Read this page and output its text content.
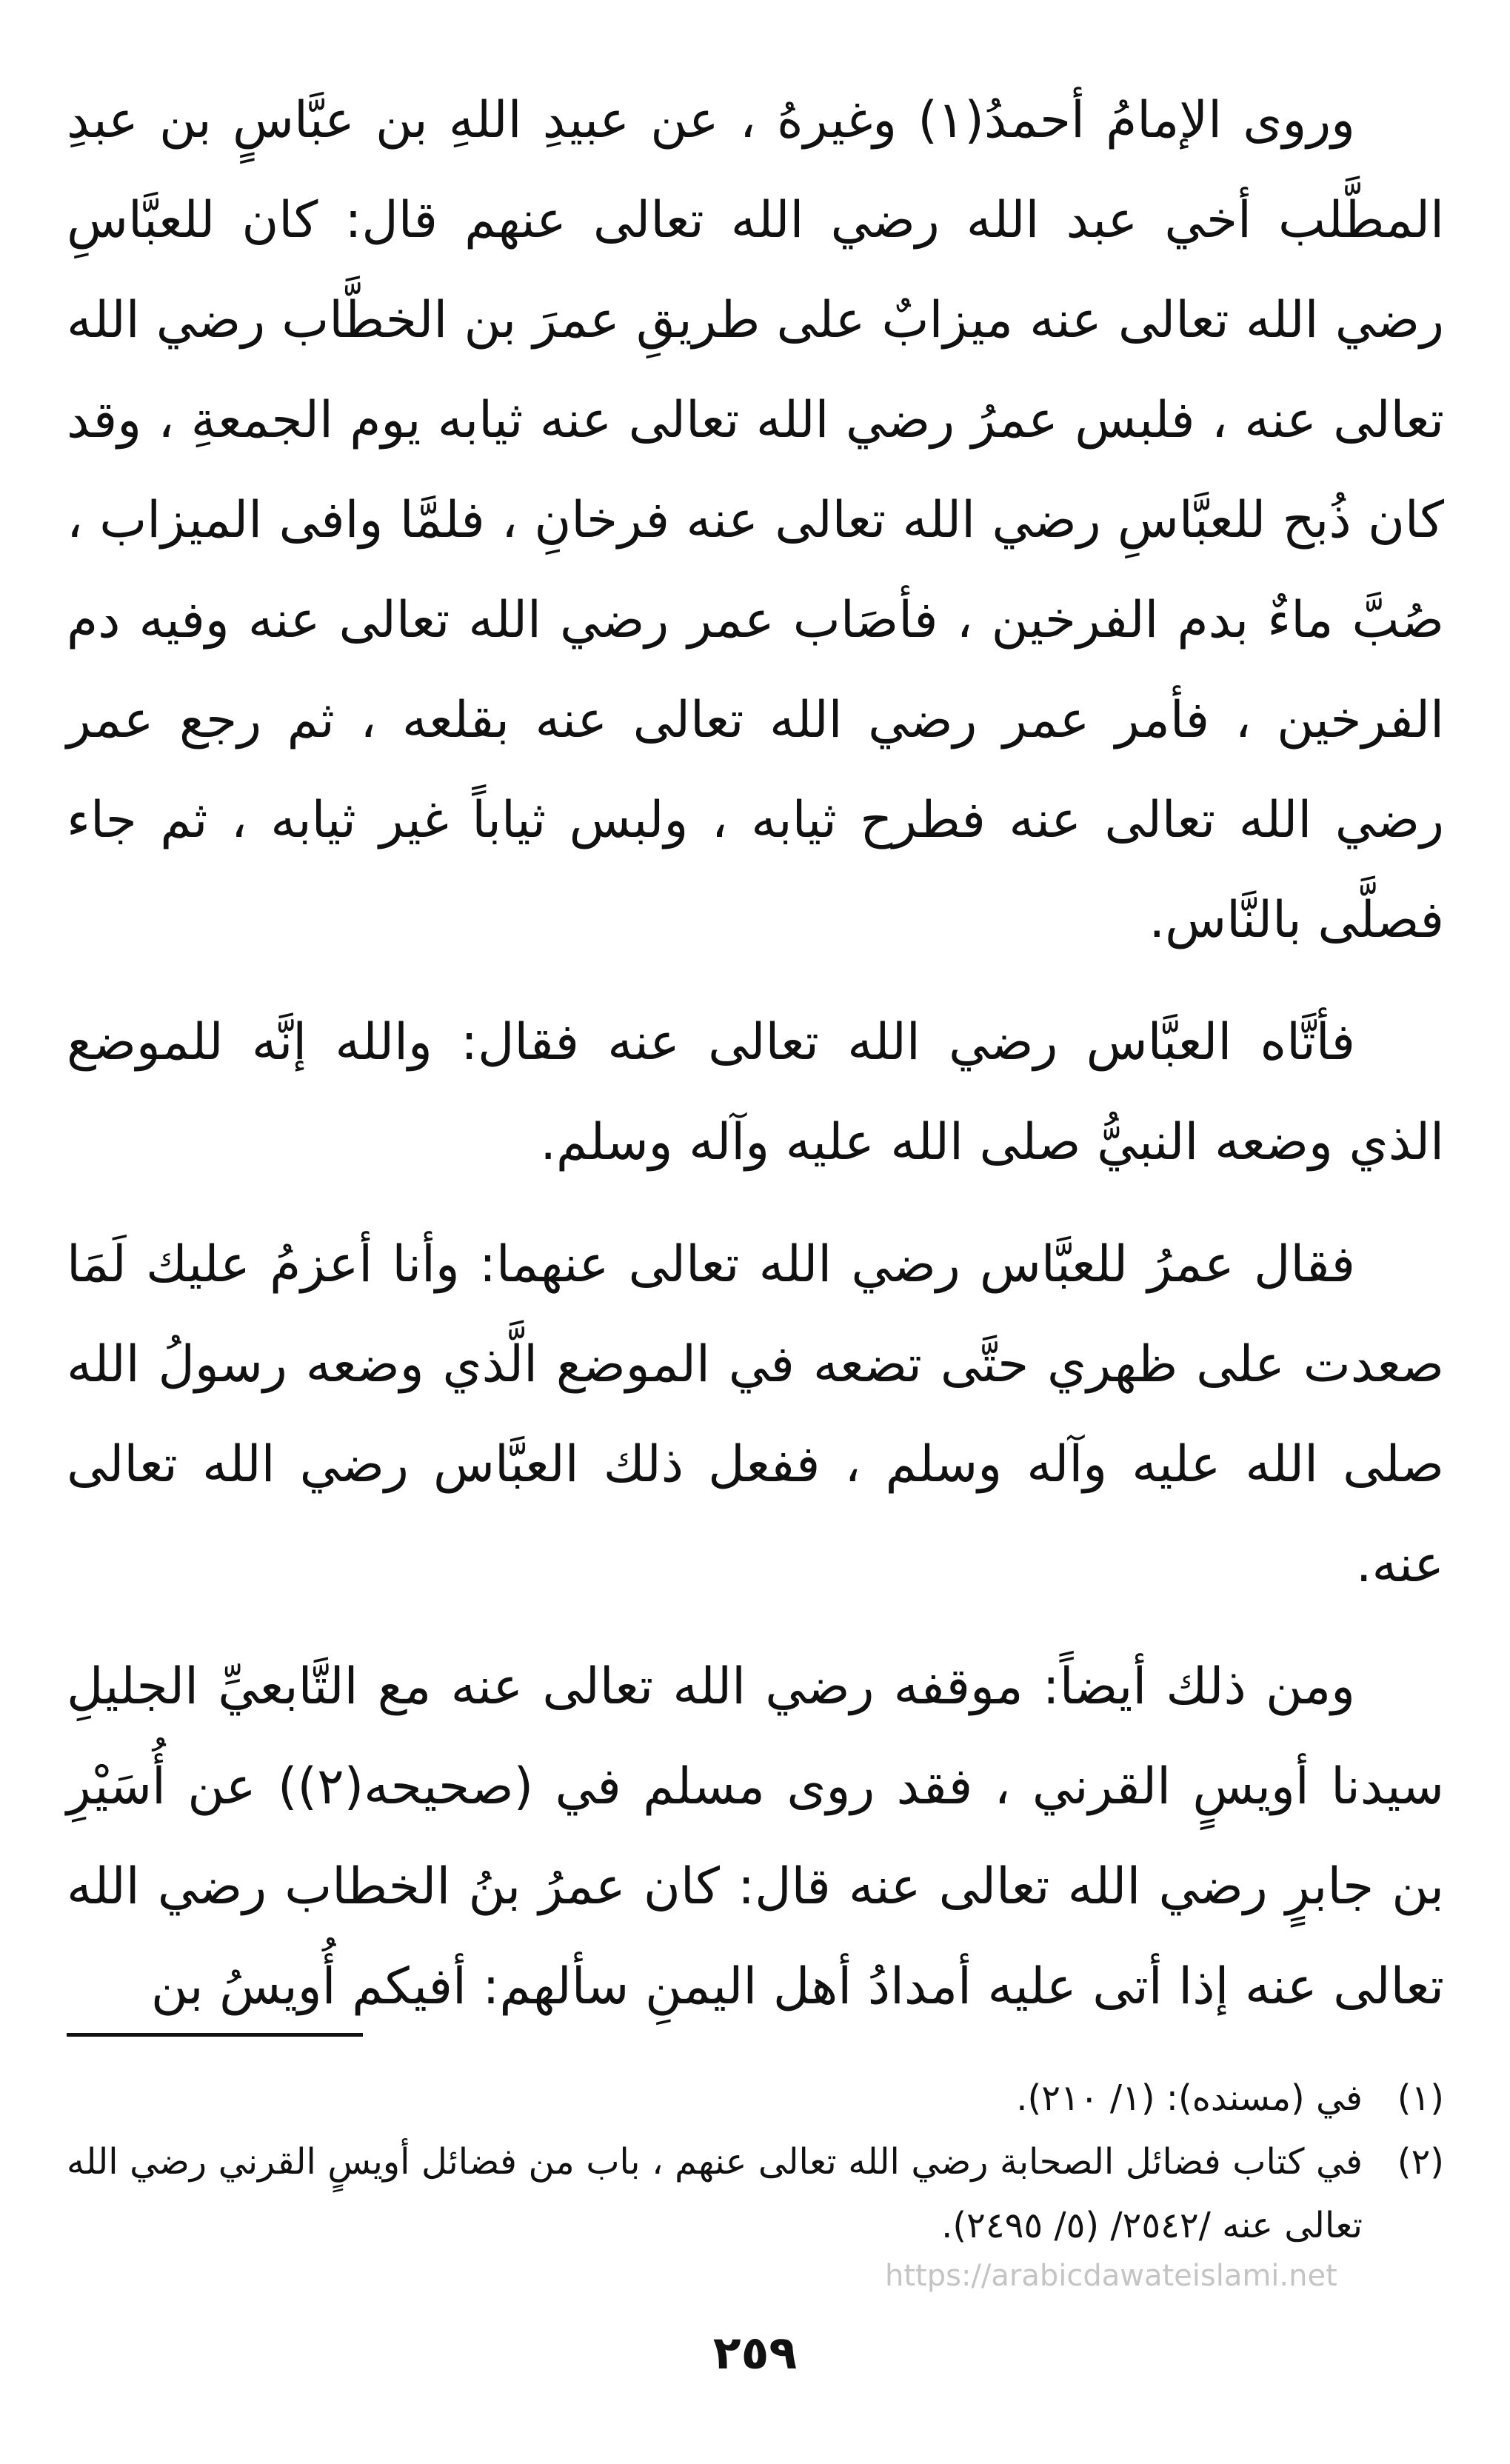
وروى الإمامُ أحمدُ(١) وغيرهُ ، عن عبيدِ اللهِ بن عبَّاسٍ بن عبدِ المطَّلب أخي عبد الله رضي الله تعالى عنهم قال: كان للعبَّاسِ رضي الله تعالى عنه ميزابٌ على طريقِ عمرَ بن الخطَّاب رضي الله تعالى عنه ، فلبس عمرُ رضي الله تعالى عنه ثيابه يوم الجمعةِ ، وقد كان ذُبح للعبَّاسِ رضي الله تعالى عنه فرخانِ ، فلمَّا وافى الميزاب ، صُبَّ ماءٌ بدم الفرخين ، فأصَاب عمر رضي الله تعالى عنه وفيه دم الفرخين ، فأمر عمر رضي الله تعالى عنه بقلعه ، ثم رجع عمر رضي الله تعالى عنه فطرح ثيابه ، ولبس ثياباً غير ثيابه ، ثم جاء فصلَّى بالنَّاس.

فأتَّاه العبَّاس رضي الله تعالى عنه فقال: والله إنَّه للموضع الذي وضعه النبيُّ صلى الله عليه وآله وسلم.

فقال عمرُ للعبَّاس رضي الله تعالى عنهما: وأنا أعزمُ عليك لَمَا صعدت على ظهري حتَّى تضعه في الموضع الَّذي وضعه رسولُ الله صلى الله عليه وآله وسلم ، ففعل ذلك العبَّاس رضي الله تعالى عنه.

ومن ذلك أيضاً: موقفه رضي الله تعالى عنه مع التَّابعيِّ الجليلِ سيدنا أويسٍ القرني ، فقد روى مسلم في (صحيحه(٢)) عن أُسَيْرِ بن جابرٍ رضي الله تعالى عنه قال: كان عمرُ بنُ الخطاب رضي الله تعالى عنه إذا أتى عليه أمدادُ أهل اليمنِ سألهم: أفيكم أُويسُ بن

(١)
في (مسنده): (١/ ٢١٠).
(٢)
في كتاب فضائل الصحابة رضي الله تعالى عنهم ، باب من فضائل أويسٍ القرني رضي الله تعالى عنه /٢٥٤٢/ (٥/ ٢٤٩٥).
https://arabicdawateislami.net
٢٥٩
